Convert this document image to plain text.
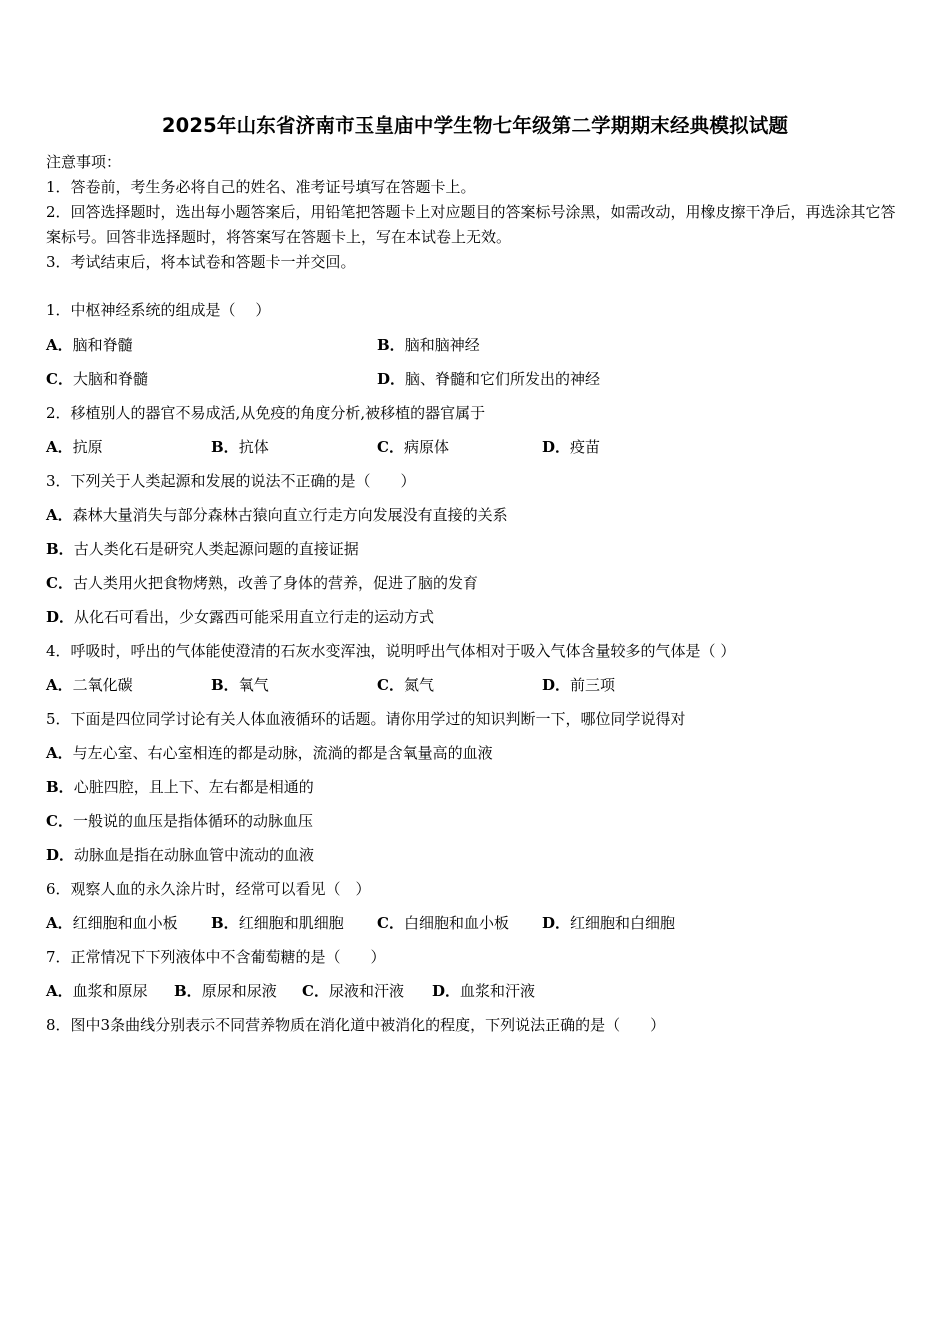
2025年山东省济南市玉皇庙中学生物七年级第二学期期末经典模拟试题
注意事项：
1．答卷前，考生务必将自己的姓名、准考证号填写在答题卡上。
2．回答选择题时，选出每小题答案后，用铅笔把答题卡上对应题目的答案标号涂黑，如需改动，用橡皮擦干净后，再选涂其它答案标号。回答非选择题时，将答案写在答题卡上，写在本试卷上无效。
3．考试结束后，将本试卷和答题卡一并交回。
1．中枢神经系统的组成是（　 ）
A．脑和脊髓	B．脑和脑神经
C．大脑和脊髓	D．脑、脊髓和它们所发出的神经
2．移植别人的器官不易成活,从免疫的角度分析,被移植的器官属于
A．抗原	B．抗体	C．病原体	D．疫苗
3．下列关于人类起源和发展的说法不正确的是（　　）
A．森林大量消失与部分森林古猿向直立行走方向发展没有直接的关系
B．古人类化石是研究人类起源问题的直接证据
C．古人类用火把食物烤熟，改善了身体的营养，促进了脑的发育
D．从化石可看出，少女露西可能采用直立行走的运动方式
4．呼吸时，呼出的气体能使澄清的石灰水变浑浊，说明呼出气体相对于吸入气体含量较多的气体是（ ）
A．二氧化碳	B．氧气	C．氮气	D．前三项
5．下面是四位同学讨论有关人体血液循环的话题。请你用学过的知识判断一下，哪位同学说得对
A．与左心室、右心室相连的都是动脉，流淌的都是含氧量高的血液
B．心脏四腔，且上下、左右都是相通的
C．一般说的血压是指体循环的动脉血压
D．动脉血是指在动脉血管中流动的血液
6．观察人血的永久涂片时，经常可以看见（　）
A．红细胞和血小板 B．红细胞和肌细胞 C．白细胞和血小板 D．红细胞和白细胞
7．正常情况下下列液体中不含葡萄糖的是（　　）
A．血浆和原尿 B．原尿和尿液 C．尿液和汗液 D．血浆和汗液
8．图中3条曲线分别表示不同营养物质在消化道中被消化的程度，下列说法正确的是（　　）
